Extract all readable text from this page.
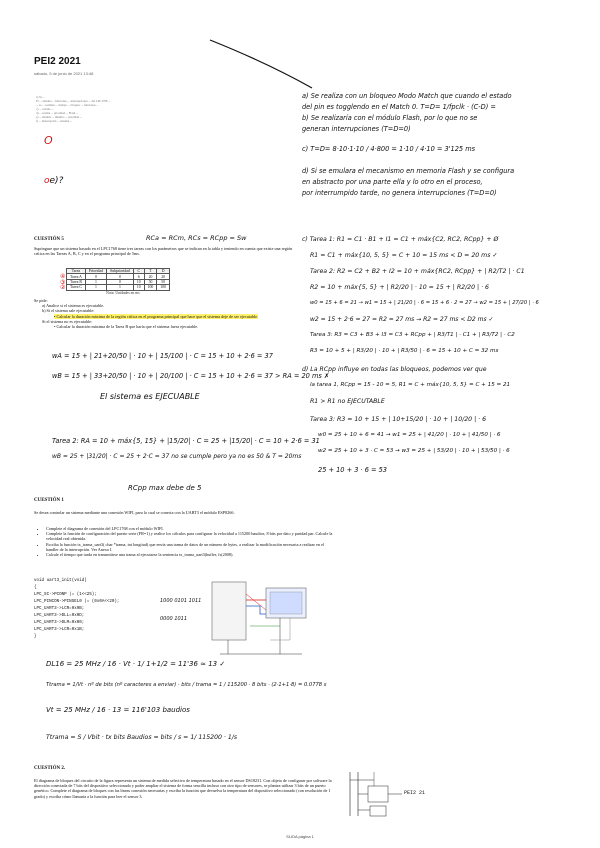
PEI2 2021
sábado, 5 de junio de 2021 13:48
a) Sí ...
El ... sistema ... funciones ... interrupciones ... del LPC1768 ...
... se ... realizan ... tiempo ... bloqueo ... funciones ...
c) ... calcule ...
d) ... realiza ... prioridad ... Flash ...
e) ... módulo ... mínimo ... prioridad ...
f) ... interrupción ... sistema ...
O
oe)?
a) Se realiza con un bloqueo Modo Match que cuando el estado
del pin es togglendo en el Match 0. T=D= 1/fpclk · (C-D) =
b) Se realizaría con el módulo Flash, por lo que no se
generan interrupciones (T=D=0)
c) T=D= 8·10·1·10 / 4·800 = 1·10 / 4·10 = 3'125 ms
d) Si se emulara el mecanismo en memoria Flash y se configura
en abstracto por una parte ella y lo otro en el proceso,
por interrumpido tarde, no genera interrupciones (T=D=0)
CUESTIÓN 5	RCa = RCm, RCs = RCpp = Sw
Supóngase que un sistema basado en el LPC1768 tiene tres tareas con los parámetros que se indican en la tabla y teniendo en cuenta que existe una región crítica en las Tareas A, B, C y en el programa principal de 5ms.
Tarea	Prioridad	Subprioridad	C	T	D
Tarea A	0	0	6	20	20
Tarea B	1	0	10	50	50
Tarea C	1	1	10	100	100
Nota: Unidades en ms
④
③
②
Se pide:
a) Analice si el sistema es ejecutable.
b) Si el sistema sale ejecutable:
• Calcular la duración máxima de la región crítica en el programa principal que hace que el sistema deje de ser ejecutable.
Si el sistema no es ejecutable:
• Calcular la duración máxima de la Tarea B que haría que el sistema fuera ejecutable.
wA = 15 + | 21+20/50 | · 10 + | 15/100 | · C = 15 + 10 + 2·6 = 37
wB = 15 + | 33+20/50 | · 10 + | 20/100 | · C = 15 + 10 + 2·6 = 37 > RA = 20 ms ✗
El sistema es EJECUABLE
Tarea 2: RA = 10 + máx{5, 15} + |15/20| · C = 25 + |15/20| · C = 10 + 2·6 = 31
wB = 25 + |31/20| · C = 25 + 2·C = 37 no se cumple pero ya no es 50 & T = 20ms
RCpp max debe de 5
c) Tarea 1: R1 = C1 · B1 + I1 = C1 + máx{C2, RC2, RCpp} + Ø
R1 = C1 + máx{10, 5, 5} = C + 10 = 15 ms < D = 20 ms ✓
Tarea 2: R2 = C2 + B2 + I2 = 10 + máx{RC2, RCpp} + | R2/T2 | · C1
R2 = 10 + máx{5, 5} + | R2/20 | · 10 = 15 + | R2/20 | · 6
w0 = 15 + 6 = 21 → w1 = 15 + | 21/20 | · 6 = 15 + 6 · 2 = 27 → w2 = 15 + | 27/20 | · 6
w2 = 15 + 2·6 = 27 = R2 = 27 ms → R2 = 27 ms < D2 ms ✓
Tarea 3: R3 = C3 + B3 + I3 = C3 + RCpp + | R3/T1 | · C1 + | R3/T2 | · C2
R3 = 10 + 5 + | R3/20 | · 10 + | R3/50 | · 6 = 15 + 10 + C = 32 ms
d) La RCpp influye en todas las bloqueos, podemos ver que
la tarea 1, RCpp = 15 - 10 = 5, R1 = C + máx{10, 5, 5} = C + 15 = 21
R1 > R1 no EJECUTABLE
Tarea 3: R3 = 10 + 15 + | 10+15/20 | · 10 + | 10/20 | · 6
w0 = 25 + 10 + 6 = 41 → w1 = 25 + | 41/20 | · 10 + | 41/50 | · 6
w2 = 25 + 10 + 3 · C = 53 → w3 = 25 + | 53/20 | · 10 + | 53/50 | · 6
25 + 10 + 3 · 6 = 53
CUESTIÓN 1
Se desea controlar un sistema mediante una conexión WIFI, para lo cual se conecta con la UART3 el módulo ESP8266.
• Complete el diagrama de conexión del LPC1768 con el módulo WIFI.
• Complete la función de configuración del puerto serie (FR=1) y realice los cálculos para configurar la velocidad a 115200 baudios, 8 bits por dato y paridad par. Calcule la velocidad real obtenida.
• Escriba la función tx_trama_uart3( char *trama, int longitud) que envía una trama de datos de un número de bytes, a realizar la modificación necesaria a realizar en el handler de la interrupción. Ver Anexo I.
• Calcule el tiempo que tarda en transmitirse una trama al ejecutarse la sentencia tx_trama_uart3(buffer, fs(2008).
void uart3_init(void)
{
LPC_SC->PCONP |= (1<<25);
LPC_PINCON->PINSEL0 |= (0x0A<<20);
LPC_UART3->LCR=0x9B;
LPC_UART3->DLL=0x0D;
LPC_UART3->DLM=0x00;
LPC_UART3->LCR=0x1B;
}
1000 0101 1011
0000 1011
DL16 = 25 MHz / 16 · Vt · 1/ 1+1/2 = 11'36 ≈ 13 ✓
Ttrama = 1/Vt · nº de bits (nº caracteres a enviar) · bits / trama = 1 / 115200 · 8 bits · (2·1+1·8) = 0.0778 s
Vt = 25 MHz / 16 · 13 = 116'103 baudios
Ttrama = S / Vbit · tx bits Baudios = bits / s = 1/ 115200 · 1/s
CUESTIÓN 2.
El diagrama de bloques del circuito de la figura representa un sistema de medida selectivo de temperatura basado en el sensor DS18231. Con objeto de configurar por software la dirección conectada de 7 bits del dispositivo seleccionado y poder ampliar el sistema de forma sencilla incluso con otro tipo de sensores, se plantea utilizar 3 bits de un puerto genérico. Complete el diagrama de bloques con las líneas conexión necesarias y escriba la función que devuelva la temperatura del dispositivo seleccionado (con resolución de 1 grado) y escriba cómo llamaría a la función para leer el sensor 3.
PEI2 21
SLIDA página 1
